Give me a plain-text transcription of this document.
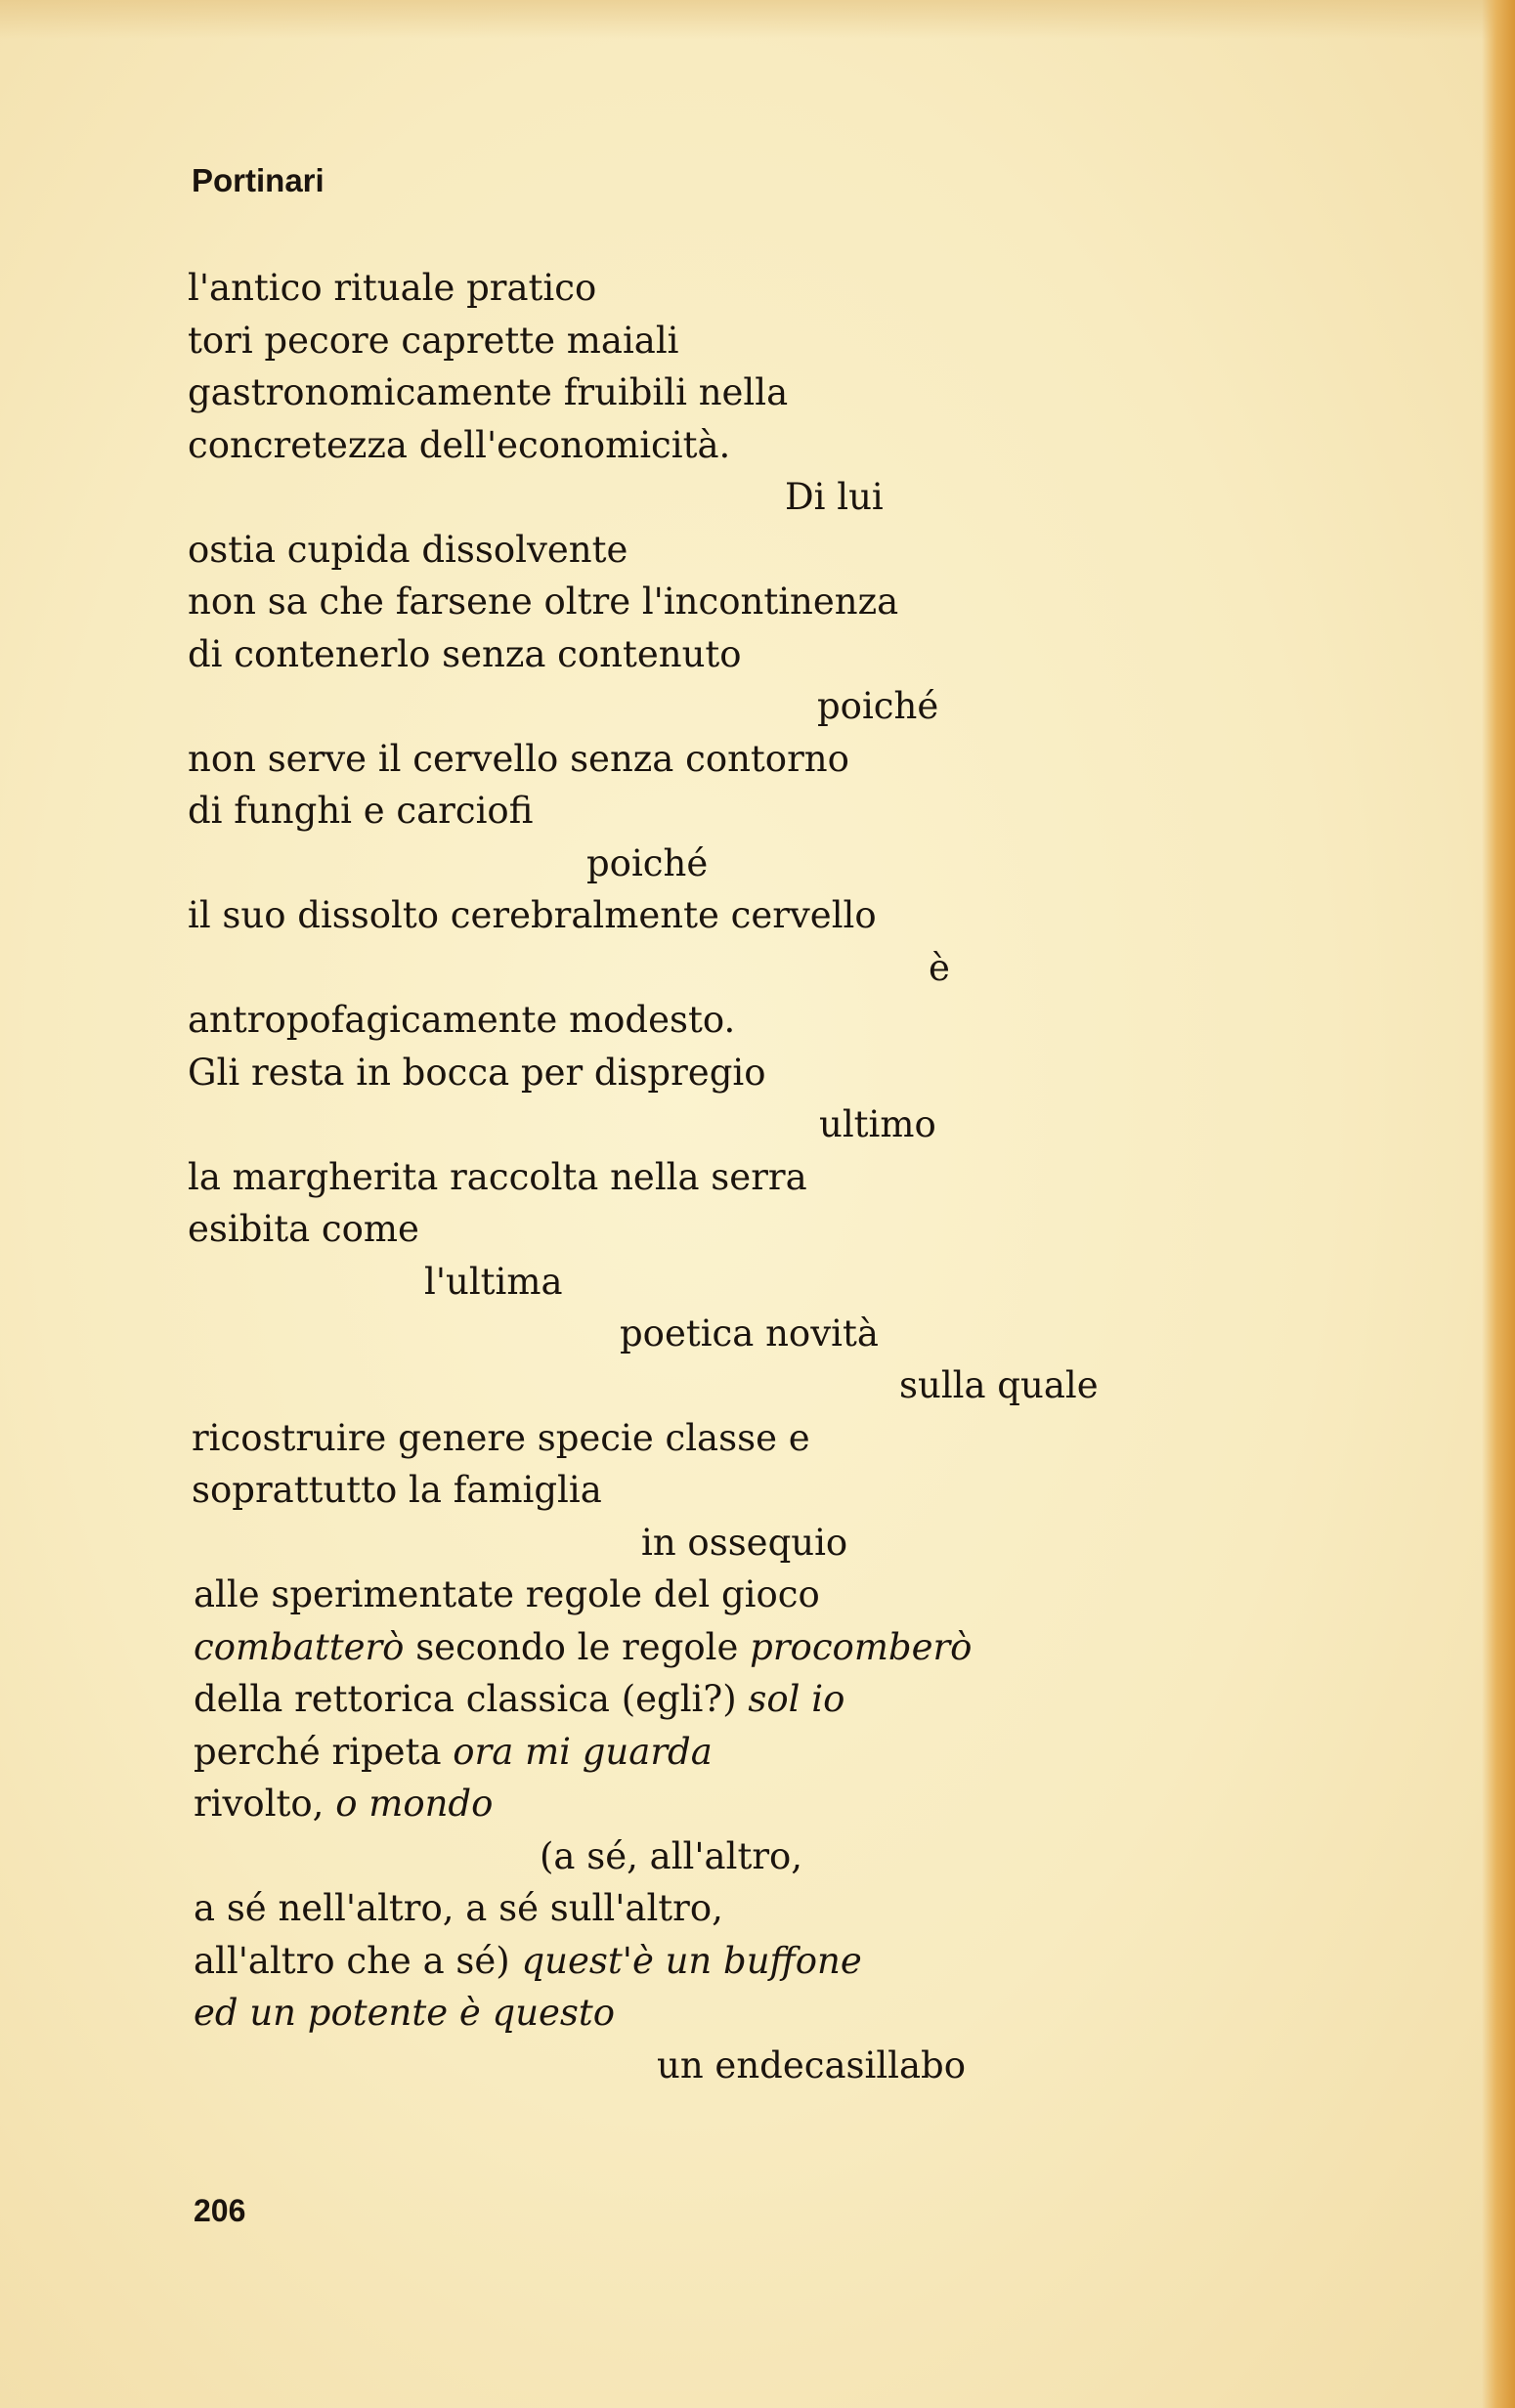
Portinari
l'antico rituale pratico
tori pecore caprette maiali
gastronomicamente fruibili nella
concretezza dell'economicità.
Di lui
ostia cupida dissolvente
non sa che farsene oltre l'incontinenza
di contenerlo senza contenuto
poiché
non serve il cervello senza contorno
di funghi e carciofi
poiché
il suo dissolto cerebralmente cervello
è
antropofagicamente modesto.
Gli resta in bocca per dispregio
ultimo
la margherita raccolta nella serra
esibita come
l'ultima
poetica novità
sulla quale
ricostruire genere specie classe e
soprattutto la famiglia
in ossequio
alle sperimentate regole del gioco
combatterò secondo le regole procomberò
della rettorica classica (egli?) sol io
perché ripeta ora mi guarda
rivolto, o mondo
(a sé, all'altro,
a sé nell'altro, a sé sull'altro,
all'altro che a sé) quest'è un buffone
ed un potente è questo
un endecasillabo
206
